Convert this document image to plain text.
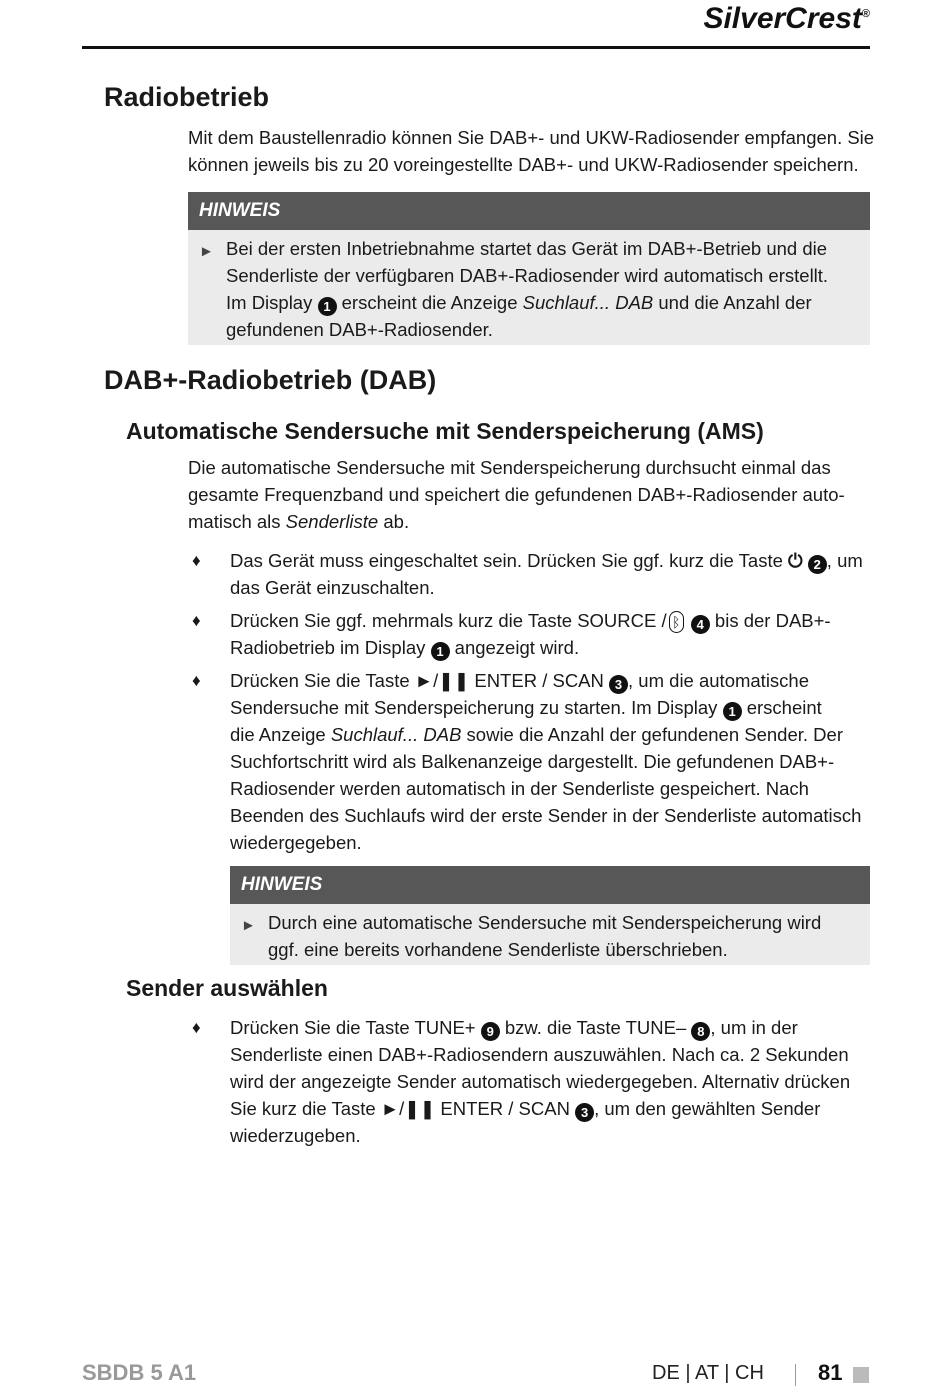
SilverCrest®
Radiobetrieb
Mit dem Baustellenradio können Sie DAB+- und UKW-Radiosender empfangen. Sie
können jeweils bis zu 20 voreingestellte DAB+- und UKW-Radiosender speichern.
HINWEIS
► Bei der ersten Inbetriebnahme startet das Gerät im DAB+-Betrieb und die
Senderliste der verfügbaren DAB+-Radiosender wird automatisch erstellt.
Im Display 1 erscheint die Anzeige Suchlauf... DAB und die Anzahl der
gefundenen DAB+-Radiosender.
DAB+-Radiobetrieb (DAB)
Automatische Sendersuche mit Senderspeicherung (AMS)
Die automatische Sendersuche mit Senderspeicherung durchsucht einmal das
gesamte Frequenzband und speichert die gefundenen DAB+-Radiosender auto-
matisch als Senderliste ab.
♦ Das Gerät muss eingeschaltet sein. Drücken Sie ggf. kurz die Taste ⏻ 2 , um
das Gerät einzuschalten.
♦ Drücken Sie ggf. mehrmals kurz die Taste SOURCE / ᛒ 4 bis der DAB+-
Radiobetrieb im Display 1 angezeigt wird.
♦ Drücken Sie die Taste ►/❚❚ ENTER / SCAN 3 , um die automatische
Sendersuche mit Senderspeicherung zu starten. Im Display 1 erscheint
die Anzeige Suchlauf... DAB sowie die Anzahl der gefundenen Sender. Der
Suchfortschritt wird als Balkenanzeige dargestellt. Die gefundenen DAB+-
Radiosender werden automatisch in der Senderliste gespeichert. Nach
Beenden des Suchlaufs wird der erste Sender in der Senderliste automatisch
wiedergegeben.
HINWEIS
► Durch eine automatische Sendersuche mit Senderspeicherung wird
ggf. eine bereits vorhandene Senderliste überschrieben.
Sender auswählen
♦ Drücken Sie die Taste TUNE+ 9 bzw. die Taste TUNE– 8 , um in der
Senderliste einen DAB+-Radiosendern auszuwählen. Nach ca. 2 Sekunden
wird der angezeigte Sender automatisch wiedergegeben. Alternativ drücken
Sie kurz die Taste ►/❚❚ ENTER / SCAN 3 , um den gewählten Sender
wiederzugeben.
SBDB 5 A1	DE | AT | CH 81
